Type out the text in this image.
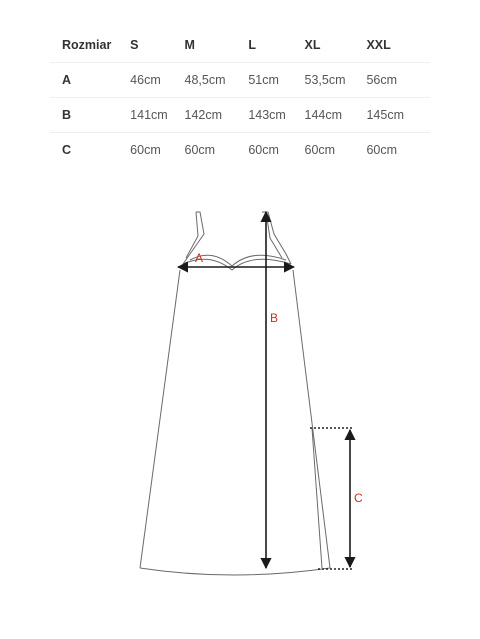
Rozmiar	S	M	L	XL	XXL
A	46cm	48,5cm	51cm	53,5cm	56cm
B	141cm	142cm	143cm	144cm	145cm
C	60cm	60cm	60cm	60cm	60cm
A
B
C
